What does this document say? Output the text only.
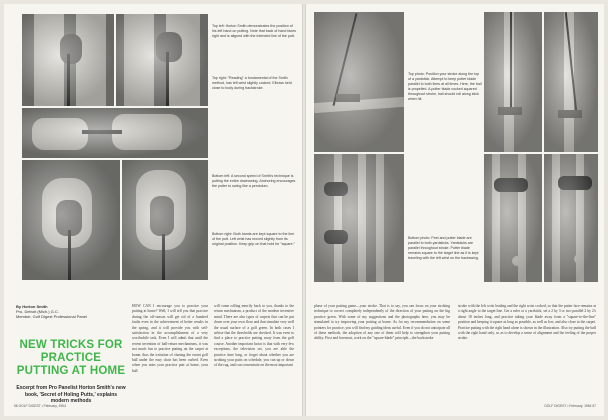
Top left: Horton Smith demonstrates the position of his left hand on putting. Note that back of hand faces right and is aligned with the intended line of the putt.
Top right: "Reading" a fundamental of the Smith method, has left wrist slightly cocked. Elbows held close to body during backstroke.
Bottom left: A second speed of Smith's technique is putting the entire downswing. Anchoring encourages the putter to swing like a pendulum.
Bottom right: Both hands are kept square to the line of the putt. Left wrist has moved slightly from its original position. Keep grip on that hold for "square."
By Horton Smith
Pro, Detroit (Mich.) G.C.
Member, Golf Digest Professional Panel
NEW TRICKS FOR PRACTICE PUTTING AT HOME
Excerpt from Pro Panelist Horton Smith's new book, 'Secret of Holing Putts,' explains modern methods
HOW CAN I encourage you to practice your putting at home? Well, I will tell you that practice during the off-season will get rid of a hundred faults even in the achievement of better results in the spring, and it will provide you with self-satisfaction in the accomplishment of a very worthwhile task. Even I will admit that until the recent invention of ball-return mechanisms, it was not much fun to practice putting on the carpet at home, thus the irritation of chasing the errant golf ball under the easy chair has been curbed. Even when you miss your practice putt at home, your ball
will come rolling merrily back to you, thanks to the return mechanism, a product of the modern inventive mind. There are also types of carpets that can be put down over your own floor and that simulate very well the usual surface of a golf green. In both cases I advise that the thresholds are checked. It was even to find a place to practice putting away from the golf course. Another important factor is that with very few exceptions, the television set, you are able the practice time long, or forget about whether you are stroking your putts on schedule, you can up or down of the rug, and can concentrate on the most important
56 GOLF DIGEST • February, 1964
Top photo: Position your stroke along the top of a yardstick. Attempt to keep putter blade parallel to both lines at all times. Here, the ball is propelled. A putter blade cocked squared throughout stroke, ball should roll along stick when hit.
Bottom photo: Feet and putter blade are parallel to both yardsticks. Yardsticks are parallel throughout stroke. Putter blade remains square to the target line as it is kept traveling with the left wrist on the backswing.
phase of your putting game—your stroke. That is to say, you can focus on your stroking technique to correct completely independently of the direction of your putting on the big practice green. With some of my suggestions and the photographs here, you may be stimulated to try improving your putting at home. As for my recommendation on some pointers for practice, you will find my guiding ideas useful. Even if you do not anticipate all of these methods, the adoption of any one of them will help to strengthen your putting ability. First and foremost, work on the "square-blade" principle—the backstroke
stroke with the left wrist leading and the right wrist cocked, so that the putter face remains at a right angle to the target line. Get a ruler or a yardstick, set a 2 by 3 or two parallel 2 by 2's about 18 inches long, and practice taking your blade away from a "square-to-the-line" position and keeping it square as long as possible, as well as low, and also close to the carpet. Practice putting with the right hand alone is shown in the illustration. Also try putting the ball with the right hand only, so as to develop a sense of alignment and the feeling of the proper stroke.
GOLF DIGEST • February, 1964 57
